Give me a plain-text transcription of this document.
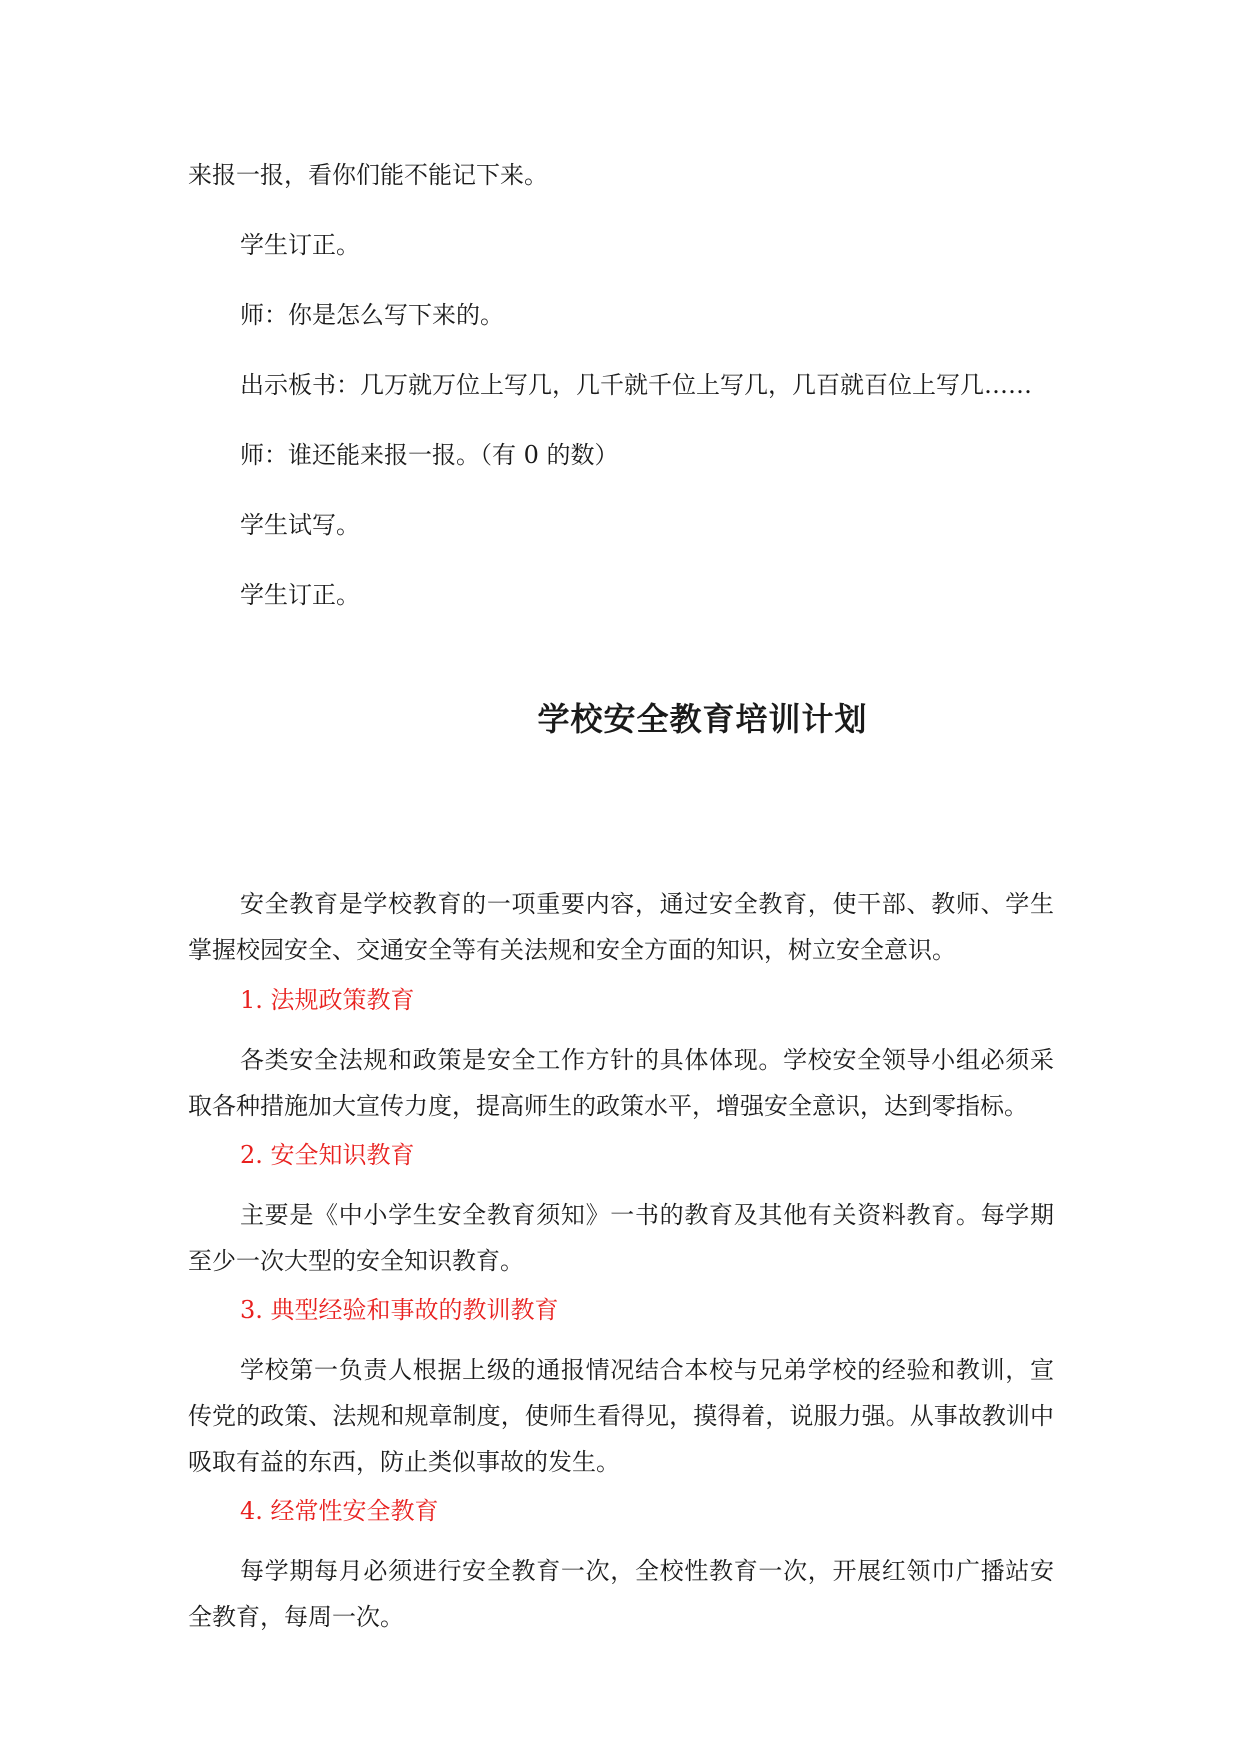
来报一报，看你们能不能记下来。
学生订正。
师：你是怎么写下来的。
出示板书：几万就万位上写几，几千就千位上写几，几百就百位上写几……
师：谁还能来报一报。（有 0 的数）
学生试写。
学生订正。
学校安全教育培训计划
安全教育是学校教育的一项重要内容，通过安全教育，使干部、教师、学生掌握校园安全、交通安全等有关法规和安全方面的知识，树立安全意识。
1. 法规政策教育
各类安全法规和政策是安全工作方针的具体体现。学校安全领导小组必须采取各种措施加大宣传力度，提高师生的政策水平，增强安全意识，达到零指标。
2. 安全知识教育
主要是《中小学生安全教育须知》一书的教育及其他有关资料教育。每学期至少一次大型的安全知识教育。
3. 典型经验和事故的教训教育
学校第一负责人根据上级的通报情况结合本校与兄弟学校的经验和教训，宣传党的政策、法规和规章制度，使师生看得见，摸得着，说服力强。从事故教训中吸取有益的东西，防止类似事故的发生。
4. 经常性安全教育
每学期每月必须进行安全教育一次，全校性教育一次，开展红领巾广播站安全教育，每周一次。
